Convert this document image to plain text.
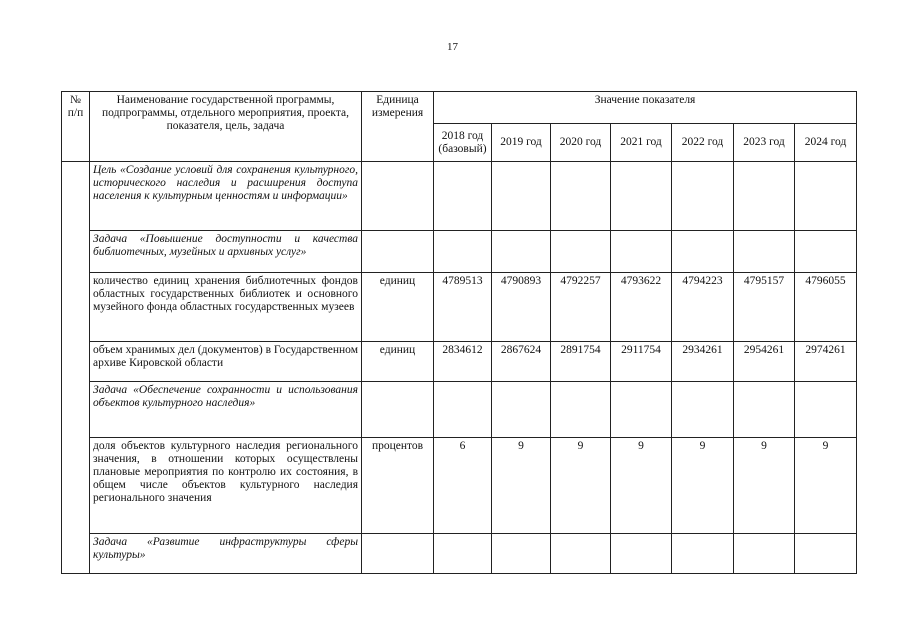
17
№ п/п	Наименование государственной программы, подпрограммы, отдельного мероприятия, проекта, показателя, цель, задача	Единица измерения	Значение показателя						
			2018 год (базовый)	2019 год	2020 год	2021 год	2022 год	2023 год	2024 год
	Цель «Создание условий для сохранения культурного, исторического наследия и расширения доступа населения к культурным ценностям и информации»								
	Задача «Повышение доступности и качества библиотечных, музейных и архивных услуг»								
	количество единиц хранения библиотечных фондов областных государственных библиотек и основного музейного фонда областных государственных музеев	единиц	4789513	4790893	4792257	4793622	4794223	4795157	4796055
	объем хранимых дел (документов) в Государственном архиве Кировской области	единиц	2834612	2867624	2891754	2911754	2934261	2954261	2974261
	Задача «Обеспечение сохранности и использования объектов культурного наследия»								
	доля объектов культурного наследия регионального значения, в отношении которых осуществлены плановые мероприятия по контролю их состояния, в общем числе объектов культурного наследия регионального значения	процентов	6	9	9	9	9	9	9
	Задача «Развитие инфраструктуры сферы культуры»								
